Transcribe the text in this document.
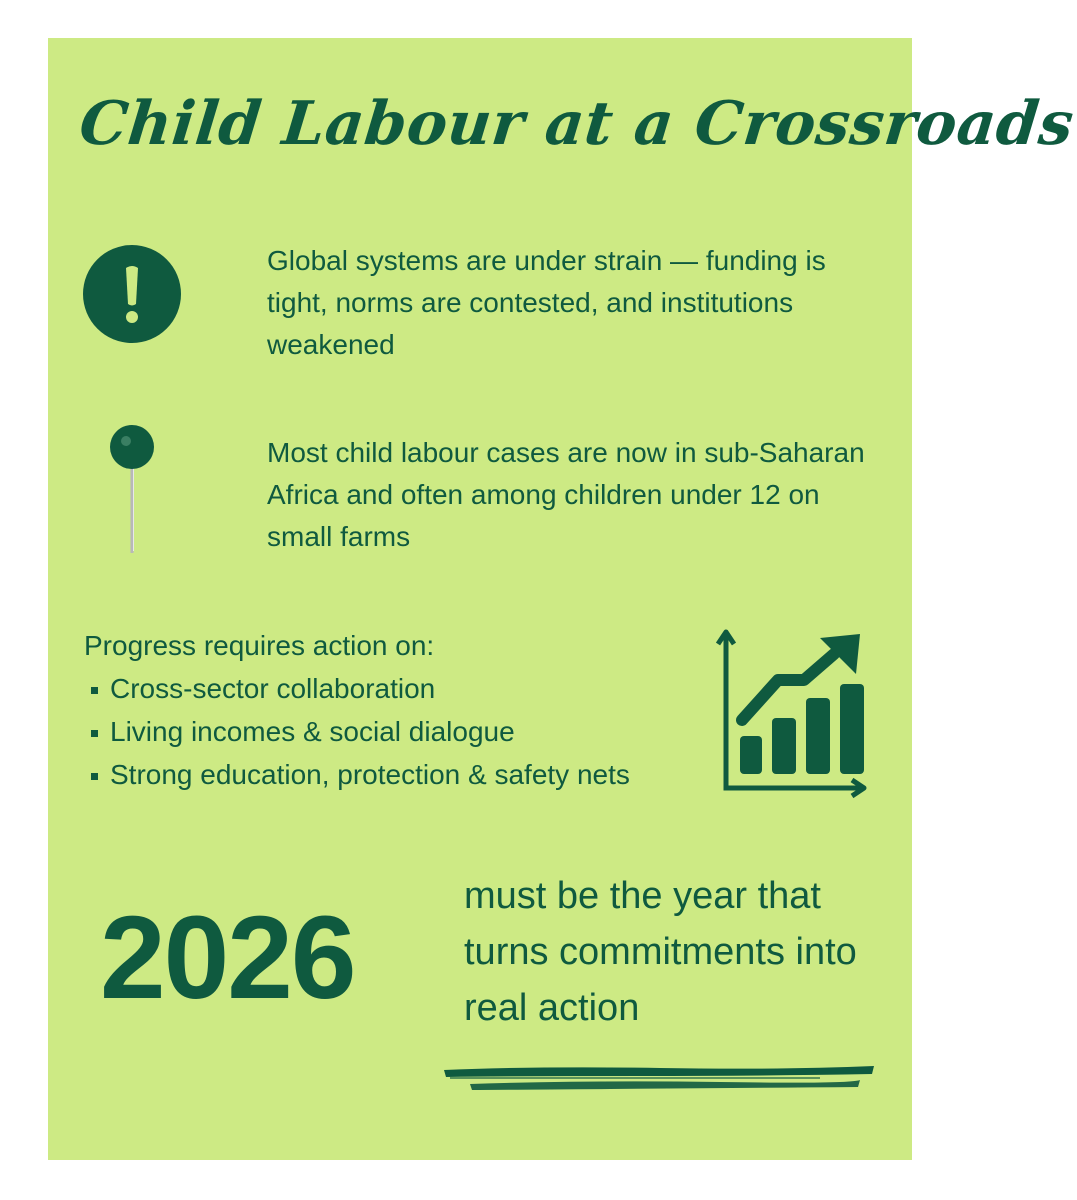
Child Labour at a Crossroads
Global systems are under strain — funding is tight, norms are contested, and institutions weakened
Most child labour cases are now in sub-Saharan Africa and often among children under 12 on small farms
Progress requires action on:
Cross-sector collaboration
Living incomes & social dialogue
Strong education, protection & safety nets
2026	must be the year that turns commitments into real action
